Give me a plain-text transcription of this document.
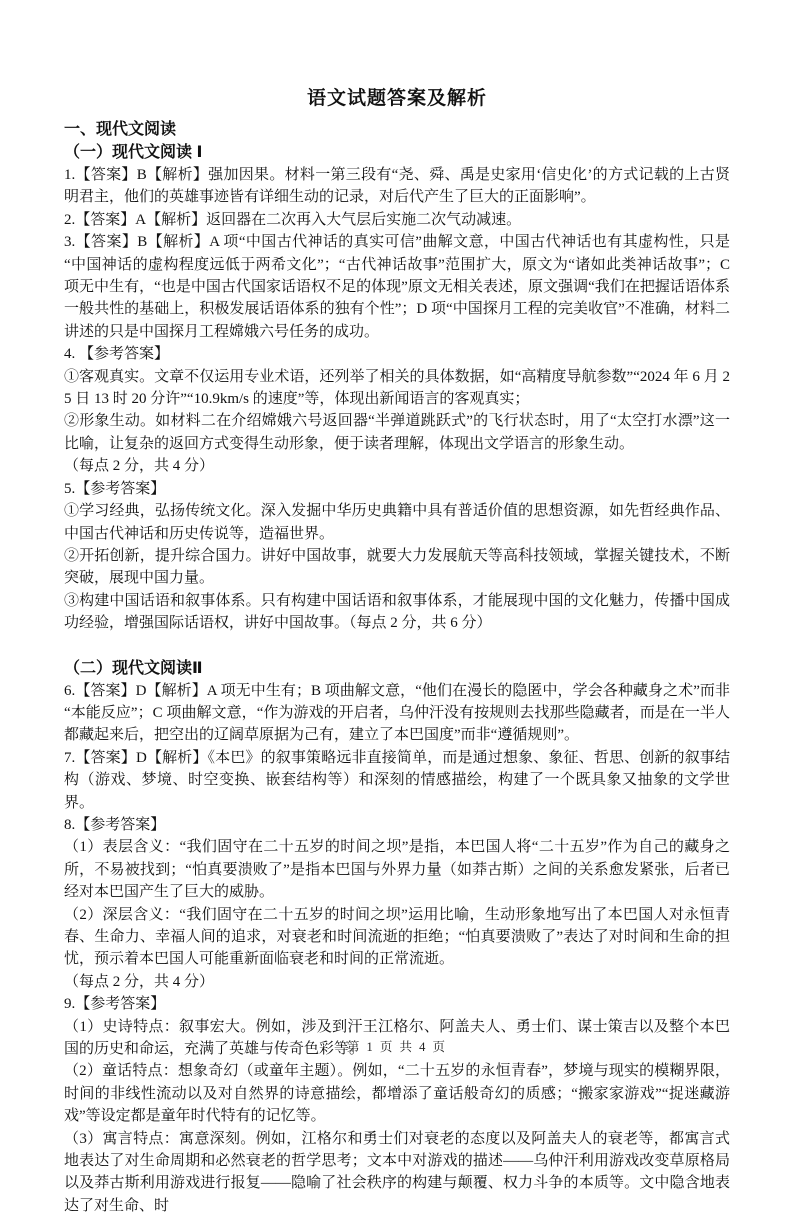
语文试题答案及解析
一、现代文阅读
（一）现代文阅读 Ⅰ

1.【答案】B【解析】强加因果。材料一第三段有“尧、舜、禹是史家用‘信史化’的方式记载的上古贤明君主，他们的英雄事迹皆有详细生动的记录，对后代产生了巨大的正面影响”。

2.【答案】A【解析】返回器在二次再入大气层后实施二次气动减速。

3.【答案】B【解析】A 项“中国古代神话的真实可信”曲解文意，中国古代神话也有其虚构性，只是“中国神话的虚构程度远低于两希文化”；“古代神话故事”范围扩大，原文为“诸如此类神话故事”；C 项无中生有，“也是中国古代国家话语权不足的体现”原文无相关表述，原文强调“我们在把握话语体系一般共性的基础上，积极发展话语体系的独有个性”；D 项“中国探月工程的完美收官”不准确，材料二讲述的只是中国探月工程嫦娥六号任务的成功。

4. 【参考答案】

①客观真实。文章不仅运用专业术语，还列举了相关的具体数据，如“高精度导航参数”“2024 年 6 月 25 日 13 时 20 分许”“10.9km/s 的速度”等，体现出新闻语言的客观真实；

②形象生动。如材料二在介绍嫦娥六号返回器“半弹道跳跃式”的飞行状态时，用了“太空打水漂”这一比喻，让复杂的返回方式变得生动形象，便于读者理解，体现出文学语言的形象生动。

（每点 2 分，共 4 分）

5.【参考答案】

①学习经典，弘扬传统文化。深入发掘中华历史典籍中具有普适价值的思想资源，如先哲经典作品、中国古代神话和历史传说等，造福世界。

②开拓创新，提升综合国力。讲好中国故事，就要大力发展航天等高科技领域，掌握关键技术，不断突破，展现中国力量。

③构建中国话语和叙事体系。只有构建中国话语和叙事体系，才能展现中国的文化魅力，传播中国成功经验，增强国际话语权，讲好中国故事。（每点 2 分，共 6 分）

（二）现代文阅读Ⅱ

6.【答案】D【解析】A 项无中生有；B 项曲解文意，“他们在漫长的隐匿中，学会各种藏身之术”而非“本能反应”；C 项曲解文意，“作为游戏的开启者，乌仲汗没有按规则去找那些隐藏者，而是在一半人都藏起来后，把空出的辽阔草原据为己有，建立了本巴国度”而非“遵循规则”。

7.【答案】D【解析】《本巴》的叙事策略远非直接简单，而是通过想象、象征、哲思、创新的叙事结构（游戏、梦境、时空变换、嵌套结构等）和深刻的情感描绘，构建了一个既具象又抽象的文学世界。

8.【参考答案】

（1）表层含义：“我们固守在二十五岁的时间之坝”是指，本巴国人将“二十五岁”作为自己的藏身之所，不易被找到；“怕真要溃败了”是指本巴国与外界力量（如莽古斯）之间的关系愈发紧张，后者已经对本巴国产生了巨大的威胁。

（2）深层含义：“我们固守在二十五岁的时间之坝”运用比喻，生动形象地写出了本巴国人对永恒青春、生命力、幸福人间的追求，对衰老和时间流逝的拒绝；“怕真要溃败了”表达了对时间和生命的担忧，预示着本巴国人可能重新面临衰老和时间的正常流逝。

（每点 2 分，共 4 分）

9.【参考答案】

（1）史诗特点：叙事宏大。例如，涉及到汗王江格尔、阿盖夫人、勇士们、谋士策吉以及整个本巴国的历史和命运，充满了英雄与传奇色彩等。

（2）童话特点：想象奇幻（或童年主题）。例如，“二十五岁的永恒青春”，梦境与现实的模糊界限，时间的非线性流动以及对自然界的诗意描绘，都增添了童话般奇幻的质感；“搬家家游戏”“捉迷藏游戏”等设定都是童年时代特有的记忆等。

（3）寓言特点：寓意深刻。例如，江格尔和勇士们对衰老的态度以及阿盖夫人的衰老等，都寓言式地表达了对生命周期和必然衰老的哲学思考；文本中对游戏的描述——乌仲汗利用游戏改变草原格局以及莽古斯利用游戏进行报复——隐喻了社会秩序的构建与颠覆、权力斗争的本质等。文中隐含地表达了对生命、时

第 1 页 共 4 页
